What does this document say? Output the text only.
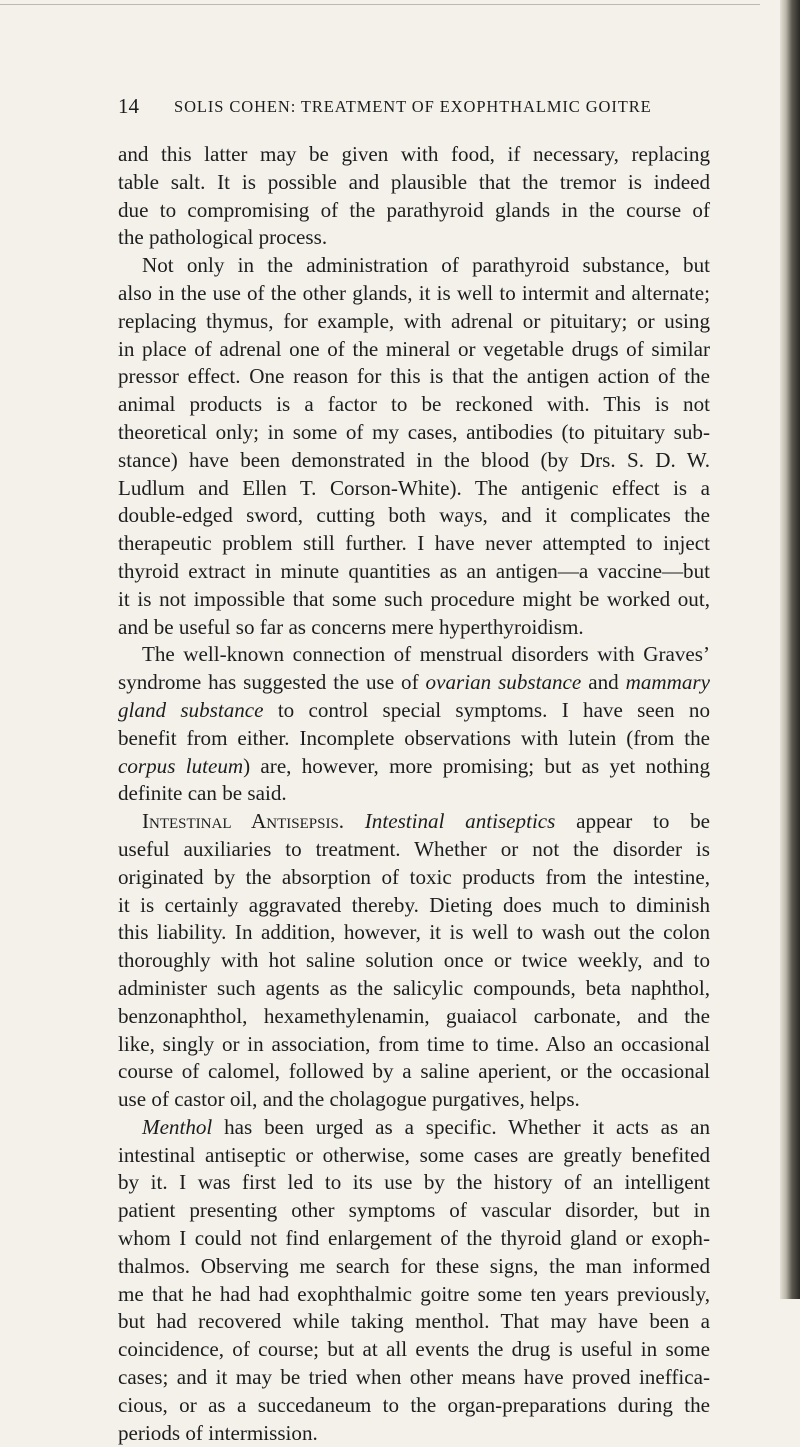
14 SOLIS COHEN: TREATMENT OF EXOPHTHALMIC GOITRE
and this latter may be given with food, if necessary, replacing
table salt. It is possible and plausible that the tremor is indeed
due to compromising of the parathyroid glands in the course of
the pathological process.
Not only in the administration of parathyroid substance, but
also in the use of the other glands, it is well to intermit and alternate;
replacing thymus, for example, with adrenal or pituitary; or using
in place of adrenal one of the mineral or vegetable drugs of similar
pressor effect. One reason for this is that the antigen action of the
animal products is a factor to be reckoned with. This is not
theoretical only; in some of my cases, antibodies (to pituitary sub-
stance) have been demonstrated in the blood (by Drs. S. D. W.
Ludlum and Ellen T. Corson-White). The antigenic effect is a
double-edged sword, cutting both ways, and it complicates the
therapeutic problem still further. I have never attempted to inject
thyroid extract in minute quantities as an antigen—a vaccine—but
it is not impossible that some such procedure might be worked out,
and be useful so far as concerns mere hyperthyroidism.
The well-known connection of menstrual disorders with Graves’
syndrome has suggested the use of ovarian substance and mammary
gland substance to control special symptoms. I have seen no
benefit from either. Incomplete observations with lutein (from the
corpus luteum) are, however, more promising; but as yet nothing
definite can be said.
Intestinal Antisepsis. Intestinal antiseptics appear to be
useful auxiliaries to treatment. Whether or not the disorder is
originated by the absorption of toxic products from the intestine,
it is certainly aggravated thereby. Dieting does much to diminish
this liability. In addition, however, it is well to wash out the colon
thoroughly with hot saline solution once or twice weekly, and to
administer such agents as the salicylic compounds, beta naphthol,
benzonaphthol, hexamethylenamin, guaiacol carbonate, and the
like, singly or in association, from time to time. Also an occasional
course of calomel, followed by a saline aperient, or the occasional
use of castor oil, and the cholagogue purgatives, helps.
Menthol has been urged as a specific. Whether it acts as an
intestinal antiseptic or otherwise, some cases are greatly benefited
by it. I was first led to its use by the history of an intelligent
patient presenting other symptoms of vascular disorder, but in
whom I could not find enlargement of the thyroid gland or exoph-
thalmos. Observing me search for these signs, the man informed
me that he had had exophthalmic goitre some ten years previously,
but had recovered while taking menthol. That may have been a
coincidence, of course; but at all events the drug is useful in some
cases; and it may be tried when other means have proved ineffica-
cious, or as a succedaneum to the organ-preparations during the
periods of intermission.
